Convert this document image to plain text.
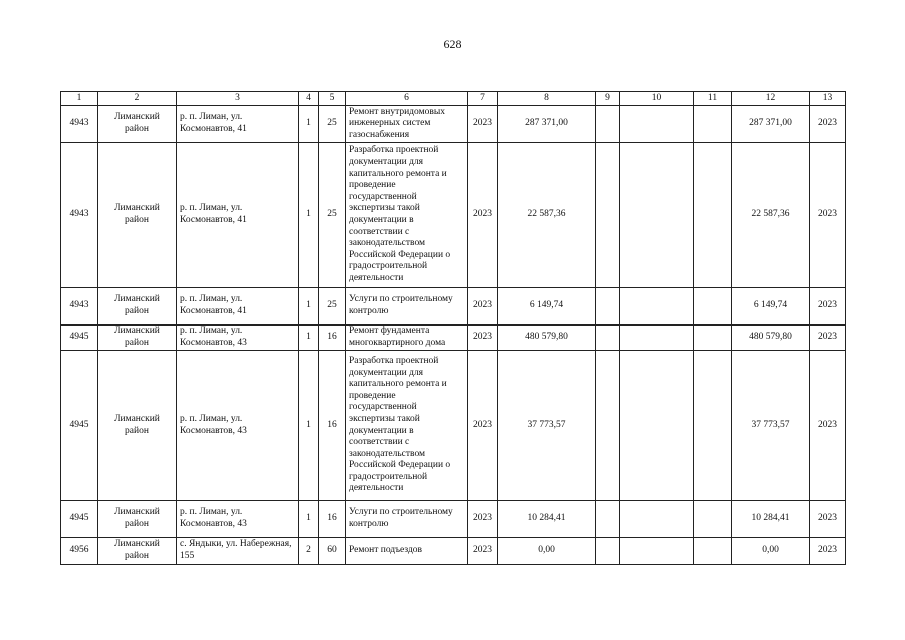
628
1	2	3	4	5	6	7	8	9	10	11	12	13
4943	Лиманский район	р. п. Лиман, ул. Космонавтов, 41	1	25	Ремонт внутридомовых инженерных систем газоснабжения	2023	287 371,00				287 371,00	2023
4943	Лиманский район	р. п. Лиман, ул. Космонавтов, 41	1	25	Разработка проектной документации для капитального ремонта и проведение государственной экспертизы такой документации в соответствии с законодательством Российской Федерации о градостроительной деятельности	2023	22 587,36				22 587,36	2023
4943	Лиманский район	р. п. Лиман, ул. Космонавтов, 41	1	25	Услуги по строительному контролю	2023	6 149,74				6 149,74	2023
4945	Лиманский район	р. п. Лиман, ул. Космонавтов, 43	1	16	Ремонт фундамента многоквартирного дома	2023	480 579,80				480 579,80	2023
4945	Лиманский район	р. п. Лиман, ул. Космонавтов, 43	1	16	Разработка проектной документации для капитального ремонта и проведение государственной экспертизы такой документации в соответствии с законодательством Российской Федерации о градостроительной деятельности	2023	37 773,57				37 773,57	2023
4945	Лиманский район	р. п. Лиман, ул. Космонавтов, 43	1	16	Услуги по строительному контролю	2023	10 284,41				10 284,41	2023
4956	Лиманский район	с. Яндыки, ул. Набережная, 155	2	60	Ремонт подъездов	2023	0,00				0,00	2023
